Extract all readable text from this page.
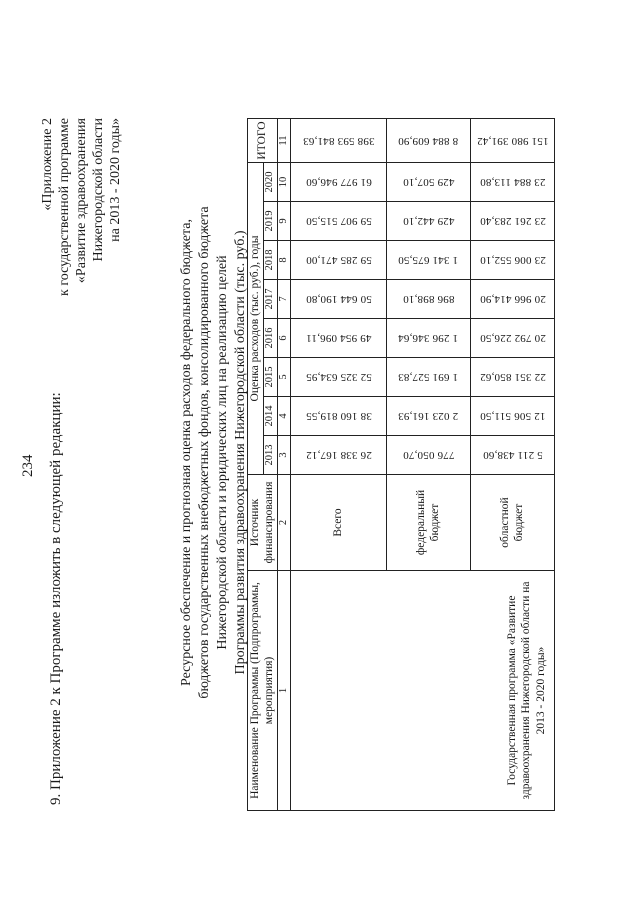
234 9. Приложение 2 к Программе изложить в следующей редакции:
«Приложение 2 к государственной программе «Развитие здравоохранения Нижегородской области на 2013 - 2020 годы»
Ресурсное обеспечение и прогнозная оценка расходов федерального бюджета, бюджетов государственных внебюджетных фондов, консолидированного бюджета Нижегородской области и юридических лиц на реализацию целей Программы развития здравоохранения Нижегородской области (тыс. руб.)
Наименование Программы (Подпрограммы, мероприятия)	Источник финансирования	Оценка расходов (тыс. руб.), годы								ИТОГО
		2013	2014	2015	2016	2017	2018	2019	2020	
1	2	3	4	5	6	7	8	9	10	11
Государственная программа «Развитие здравоохранения Нижегородской области на 2013 - 2020 годы»	Всего	26 338 167,12	38 160 819,55	52 325 634,95	49 954 096,11	50 644 190,80	59 285 471,00	59 907 515,50	61 977 946,60	398 593 841,63

	федеральный бюджет	776 050,70	2 023 161,93	1 691 527,83	1 296 346,64	896 898,10	1 341 675,50	429 442,10	429 507,10	8 884 609,90

	областной бюджет	5 211 438,60	12 506 511,50	22 351 850,62	20 792 226,50	20 966 414,90	23 006 552,10	23 261 283,40	23 884 113,80	151 980 391,42
